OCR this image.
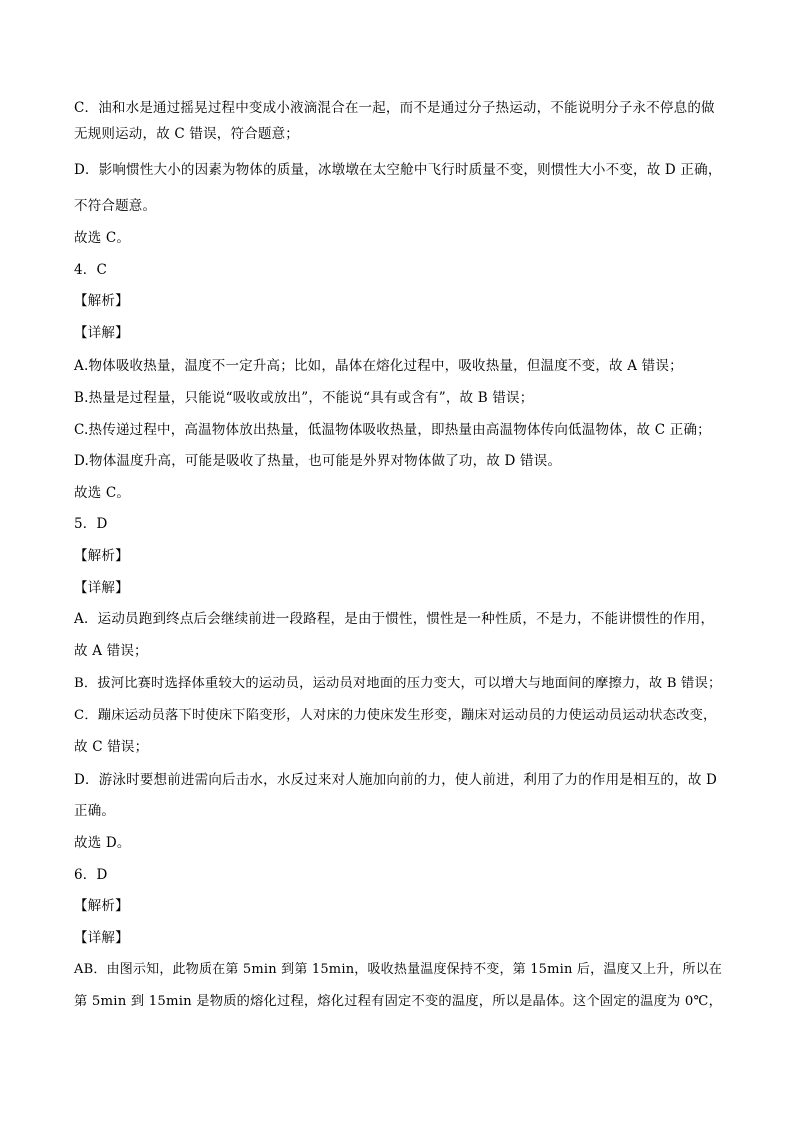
C．油和水是通过摇晃过程中变成小液滴混合在一起，而不是通过分子热运动，不能说明分子永不停息的做
无规则运动，故 C 错误，符合题意；
D．影响惯性大小的因素为物体的质量，冰墩墩在太空舱中飞行时质量不变，则惯性大小不变，故 D 正确，
不符合题意。
故选 C。
4．C
【解析】
【详解】
A.物体吸收热量，温度不一定升高；比如，晶体在熔化过程中，吸收热量，但温度不变，故 A 错误；
B.热量是过程量，只能说“吸收或放出”，不能说“具有或含有”，故 B 错误；
C.热传递过程中，高温物体放出热量，低温物体吸收热量，即热量由高温物体传向低温物体，故 C 正确；
D.物体温度升高，可能是吸收了热量，也可能是外界对物体做了功，故 D 错误。
故选 C。
5．D
【解析】
【详解】
A．运动员跑到终点后会继续前进一段路程，是由于惯性，惯性是一种性质，不是力，不能讲惯性的作用，
故 A 错误；
B．拔河比赛时选择体重较大的运动员，运动员对地面的压力变大，可以增大与地面间的摩擦力，故 B 错误；
C．蹦床运动员落下时使床下陷变形，人对床的力使床发生形变，蹦床对运动员的力使运动员运动状态改变，
故 C 错误；
D．游泳时要想前进需向后击水，水反过来对人施加向前的力，使人前进，利用了力的作用是相互的，故 D
正确。
故选 D。
6．D
【解析】
【详解】
AB．由图示知，此物质在第 5min 到第 15min，吸收热量温度保持不变，第 15min 后，温度又上升，所以在
第 5min 到 15min 是物质的熔化过程，熔化过程有固定不变的温度，所以是晶体。这个固定的温度为 0℃，
